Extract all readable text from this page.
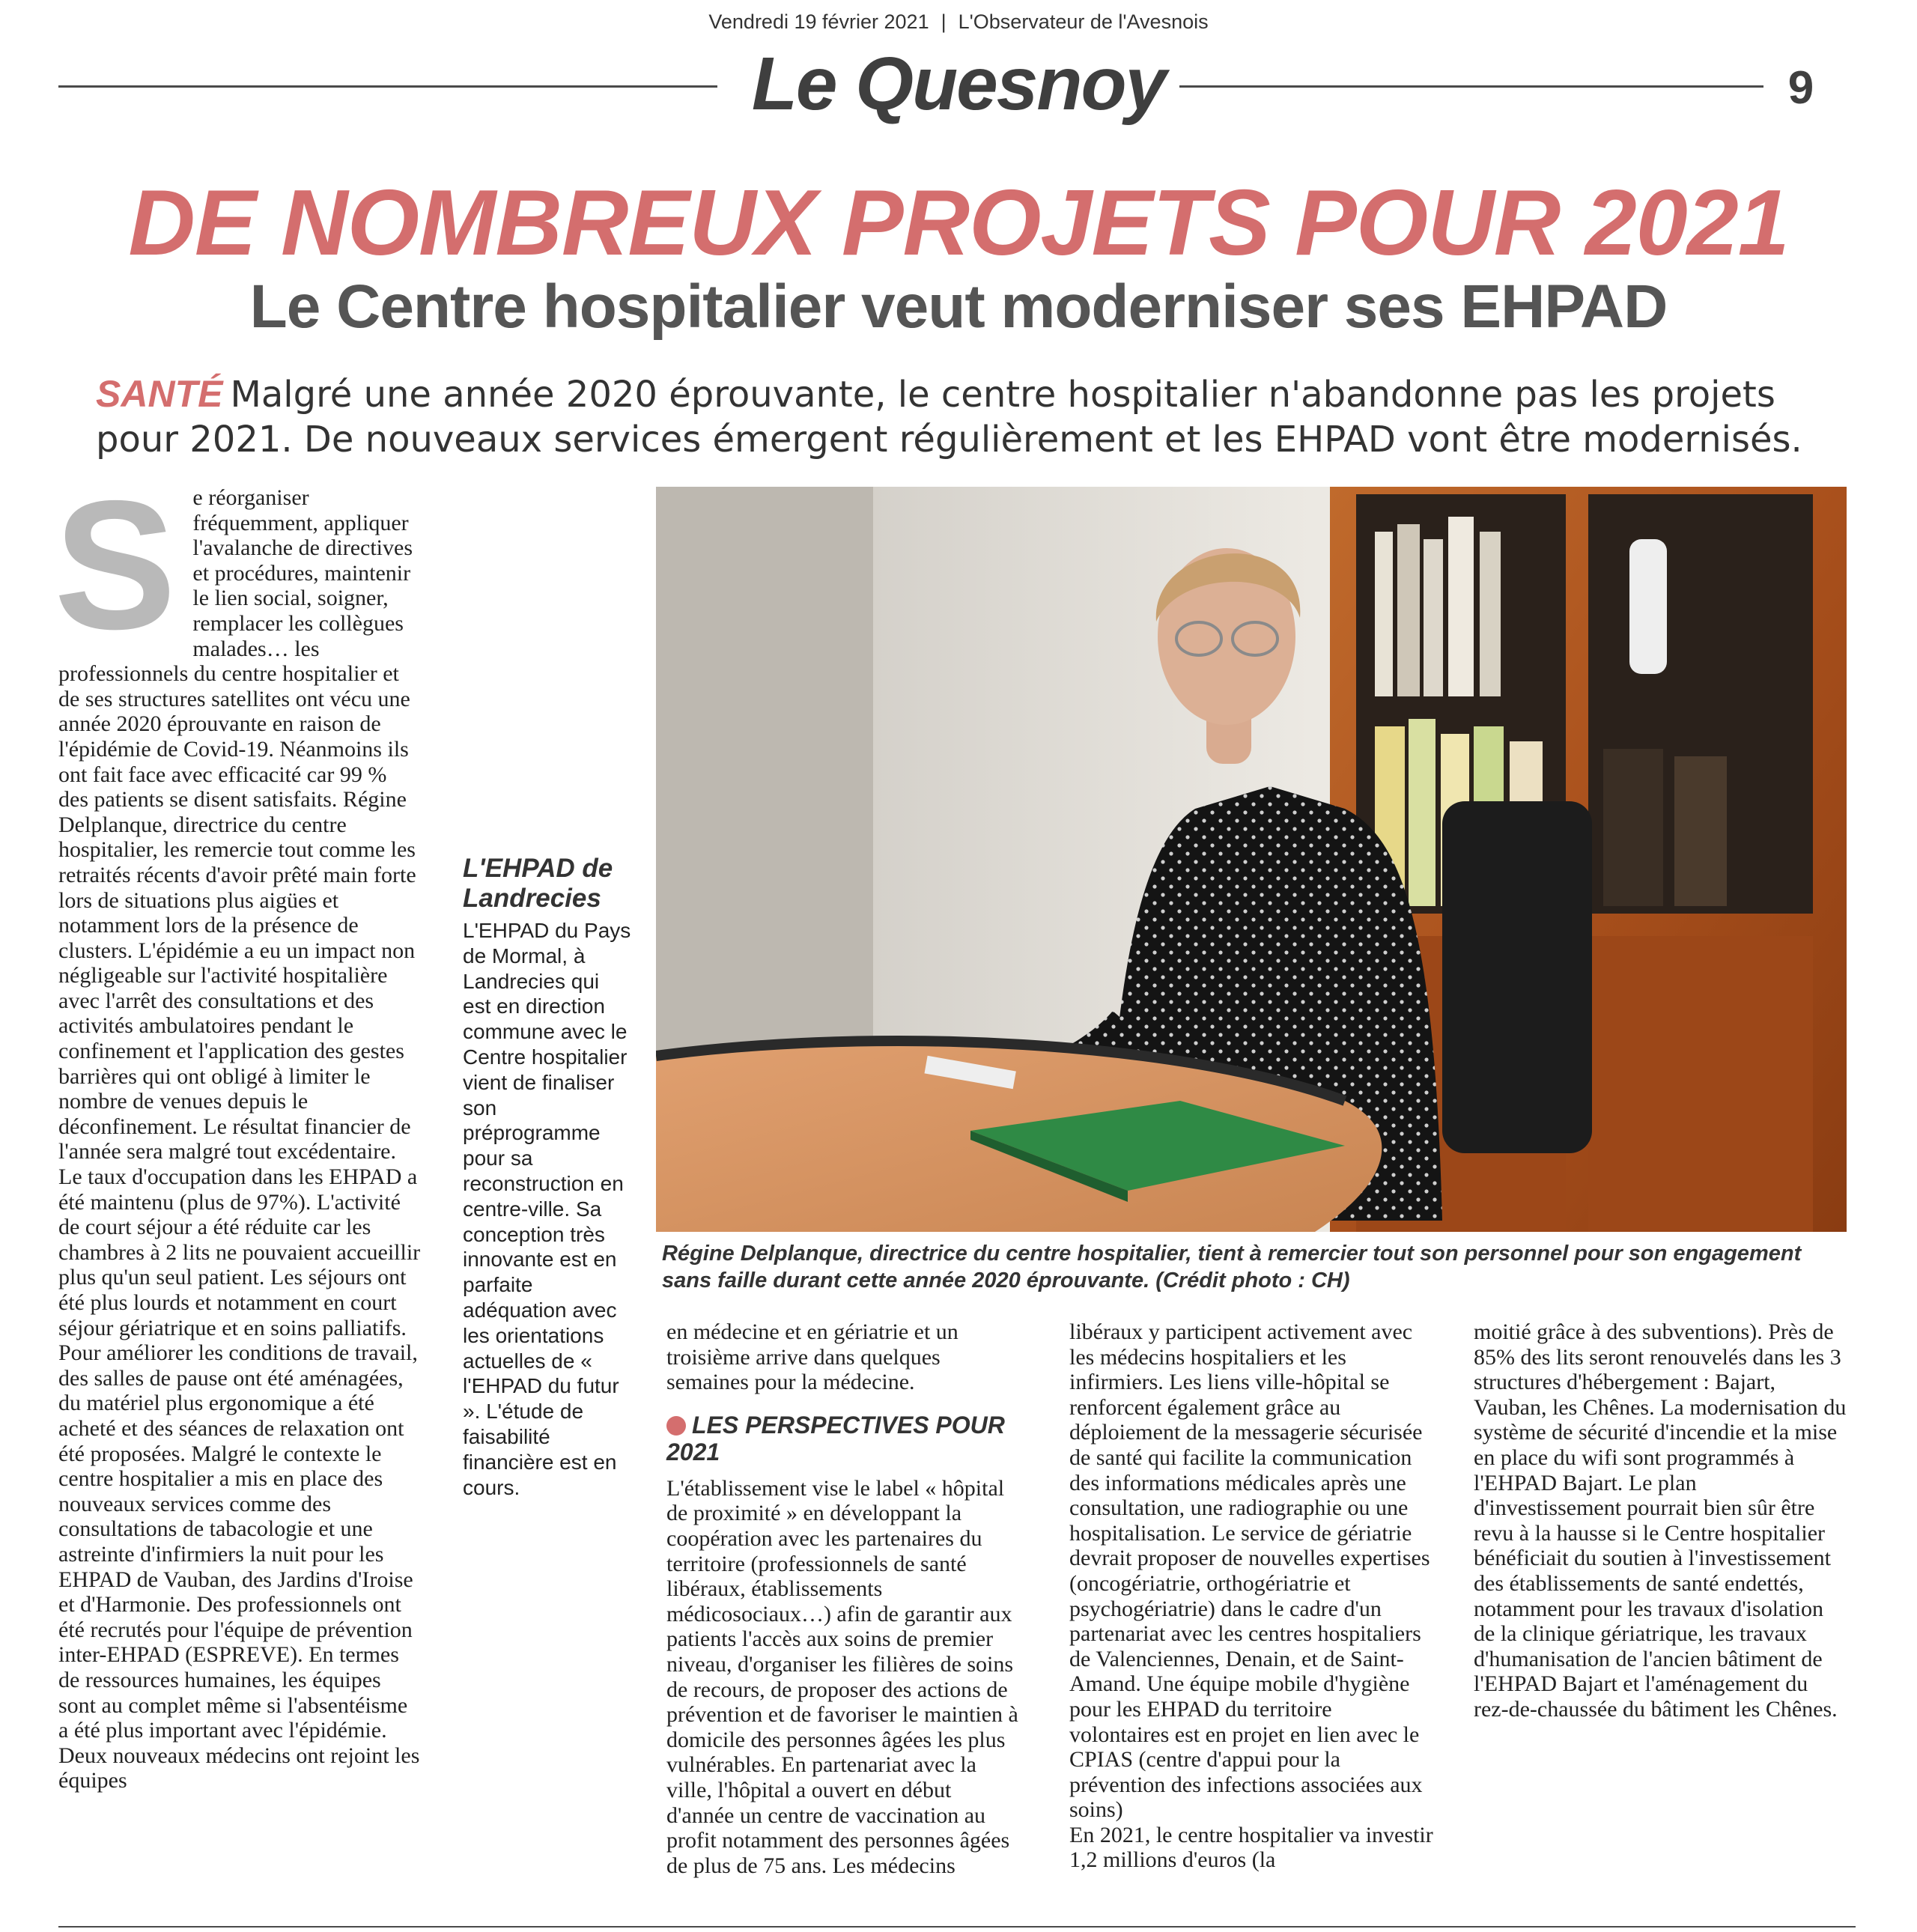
Vendredi 19 février 2021 | L'Observateur de l'Avesnois
Le Quesnoy	9
DE NOMBREUX PROJETS POUR 2021
Le Centre hospitalier veut moderniser ses EHPAD
SANTÉ Malgré une année 2020 éprouvante, le centre hospitalier n'abandonne pas les projets pour 2021. De nouveaux services émergent régulièrement et les EHPAD vont être modernisés.
Se réorganiser fréquemment, appliquer l'avalanche de directives et procédures, maintenir le lien social, soigner, remplacer les collègues malades… les professionnels du centre hospitalier et de ses structures satellites ont vécu une année 2020 éprouvante en raison de l'épidémie de Covid-19. Néanmoins ils ont fait face avec efficacité car 99 % des patients se disent satisfaits. Régine Delplanque, directrice du centre hospitalier, les remercie tout comme les retraités récents d'avoir prêté main forte lors de situations plus aigües et notamment lors de la présence de clusters. L'épidémie a eu un impact non négligeable sur l'activité hospitalière avec l'arrêt des consultations et des activités ambulatoires pendant le confinement et l'application des gestes barrières qui ont obligé à limiter le nombre de venues depuis le déconfinement. Le résultat financier de l'année sera malgré tout excédentaire. Le taux d'occupation dans les EHPAD a été maintenu (plus de 97%). L'activité de court séjour a été réduite car les chambres à 2 lits ne pouvaient accueillir plus qu'un seul patient. Les séjours ont été plus lourds et notamment en court séjour gériatrique et en soins palliatifs. Pour améliorer les conditions de travail, des salles de pause ont été aménagées, du matériel plus ergonomique a été acheté et des séances de relaxation ont été proposées. Malgré le contexte le centre hospitalier a mis en place des nouveaux services comme des consultations de tabacologie et une astreinte d'infirmiers la nuit pour les EHPAD de Vauban, des Jardins d'Iroise et d'Harmonie. Des professionnels ont été recrutés pour l'équipe de prévention inter-EHPAD (ESPREVE). En termes de ressources humaines, les équipes sont au complet même si l'absentéisme a été plus important avec l'épidémie. Deux nouveaux médecins ont rejoint les équipes
L'EHPAD de Landrecies

L'EHPAD du Pays de Mormal, à Landrecies qui est en direction commune avec le Centre hospitalier vient de finaliser son préprogramme pour sa reconstruction en centre-ville. Sa conception très innovante est en parfaite adéquation avec les orientations actuelles de « l'EHPAD du futur ». L'étude de faisabilité financière est en cours.

Régine Delplanque, directrice du centre hospitalier, tient à remercier tout son personnel pour son engagement sans faille durant cette année 2020 éprouvante. (Crédit photo : CH)

en médecine et en gériatrie et un troisième arrive dans quelques semaines pour la médecine.

LES PERSPECTIVES POUR 2021

L'établissement vise le label « hôpital de proximité » en développant la coopération avec les partenaires du territoire (professionnels de santé libéraux, établissements médicosociaux…) afin de garantir aux patients l'accès aux soins de premier niveau, d'organiser les filières de soins de recours, de proposer des actions de prévention et de favoriser le maintien à domicile des personnes âgées les plus vulnérables. En partenariat avec la ville, l'hôpital a ouvert en début d'année un centre de vaccination au profit notamment des personnes âgées de plus de 75 ans. Les médecins

libéraux y participent activement avec les médecins hospitaliers et les infirmiers. Les liens ville-hôpital se renforcent également grâce au déploiement de la messagerie sécurisée de santé qui facilite la communication des informations médicales après une consultation, une radiographie ou une hospitalisation. Le service de gériatrie devrait proposer de nouvelles expertises (oncogériatrie, orthogériatrie et psychogériatrie) dans le cadre d'un partenariat avec les centres hospitaliers de Valenciennes, Denain, et de Saint-Amand. Une équipe mobile d'hygiène pour les EHPAD du territoire volontaires est en projet en lien avec le CPIAS (centre d'appui pour la prévention des infections associées aux soins)

En 2021, le centre hospitalier va investir 1,2 millions d'euros (la

moitié grâce à des subventions). Près de 85% des lits seront renouvelés dans les 3 structures d'hébergement : Bajart, Vauban, les Chênes. La modernisation du système de sécurité d'incendie et la mise en place du wifi sont programmés à l'EHPAD Bajart. Le plan d'investissement pourrait bien sûr être revu à la hausse si le Centre hospitalier bénéficiait du soutien à l'investissement des établissements de santé endettés, notamment pour les travaux d'isolation de la clinique gériatrique, les travaux d'humanisation de l'ancien bâtiment de l'EHPAD Bajart et l'aménagement du rez-de-chaussée du bâtiment les Chênes.
